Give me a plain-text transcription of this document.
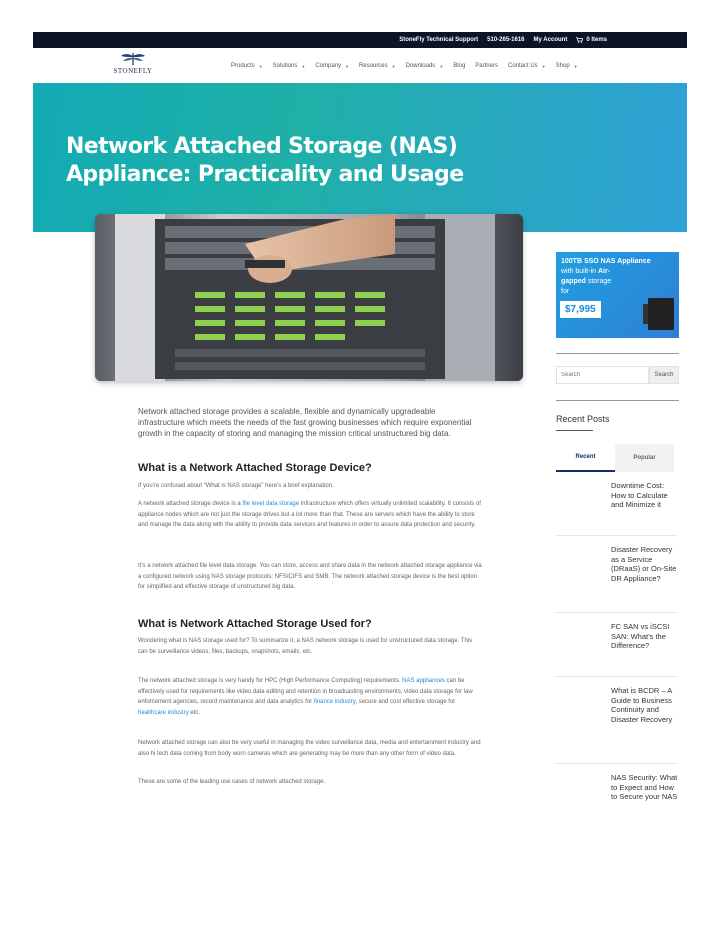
StoneFly Technical Support 510-265-1616 My Account	0 Items
STONEFLY
Products ▼ Solutions ▼ Company ▼ Resources ▼ Downloads ▼ Blog Partners Contact Us ▼ Shop ▼
Network Attached Storage (NAS) Appliance: Practicality and Usage
100TB SSO NAS Appliance
with built-in Air-
gapped storage
for
$7,995
Search
Search
Recent Posts
Recent	Popular
Downtime Cost: How to Calculate and Minimize it
Disaster Recovery as a Service (DRaaS) or On-Site DR Appliance?
FC SAN vs iSCSI SAN: What’s the Difference?
What is BCDR – A Guide to Business Continuity and Disaster Recovery
NAS Security: What to Expect and How to Secure your NAS
Network attached storage provides a scalable, flexible and dynamically upgradeable infrastructure which meets the needs of the fast growing businesses which require exponential growth in the capacity of storing and managing the mission critical unstructured big data.
What is a Network Attached Storage Device?
If you’re confused about “What is NAS storage” here’s a brief explanation.
A network attached storage device is a file level data storage infrastructure which offers virtually unlimited scalability. It consists of appliance nodes which are not just the storage drives but a lot more than that. These are servers which have the ability to store and manage the data along with the ability to provide data services and features in order to assure data protection and security.
It’s a network attached file level data storage. You can store, access and share data in the network attached storage appliance via a configured network using NAS storage protocols: NFS/CIFS and SMB. The network attached storage device is the best option for simplified and effective storage of unstructured big data.
What is Network Attached Storage Used for?
Wondering what is NAS storage used for? To summarize it, a NAS network storage is used for unstructured data storage. This can be surveillance videos, files, backups, snapshots, emails, etc.
The network attached storage is very handy for HPC (High Performance Computing) requirements. NAS appliances can be effectively used for requirements like video data editing and retention in broadcasting environments, video data storage for law enforcement agencies, record maintenance and data analytics for finance industry, secure and cost effective storage for healthcare industry etc.
Network attached storage can also be very useful in managing the video surveillance data, media and entertainment industry and also hi tech data coming from body worn cameras which are generating may be more than any other form of video data.
These are some of the leading use cases of network attached storage.
